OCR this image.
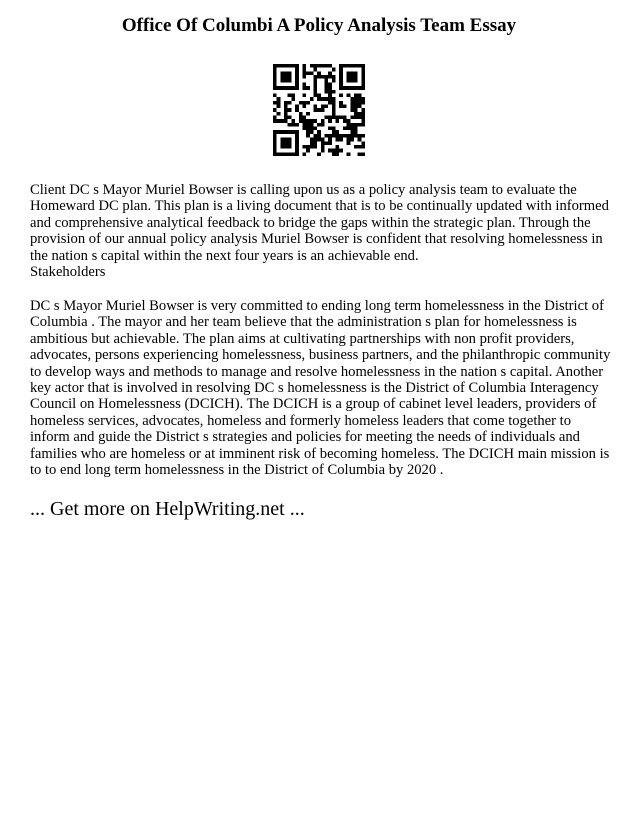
Office Of Columbi A Policy Analysis Team Essay
Client DC s Mayor Muriel Bowser is calling upon us as a policy analysis team to evaluate the Homeward DC plan. This plan is a living document that is to be continually updated with informed and comprehensive analytical feedback to bridge the gaps within the strategic plan. Through the provision of our annual policy analysis Muriel Bowser is confident that resolving homelessness in the nation s capital within the next four years is an achievable end.
Stakeholders
DC s Mayor Muriel Bowser is very committed to ending long term homelessness in the District of Columbia . The mayor and her team believe that the administration s plan for homelessness is ambitious but achievable. The plan aims at cultivating partnerships with non profit providers, advocates, persons experiencing homelessness, business partners, and the philanthropic community to develop ways and methods to manage and resolve homelessness in the nation s capital. Another key actor that is involved in resolving DC s homelessness is the District of Columbia Interagency Council on Homelessness (DCICH). The DCICH is a group of cabinet level leaders, providers of homeless services, advocates, homeless and formerly homeless leaders that come together to inform and guide the District s strategies and policies for meeting the needs of individuals and families who are homeless or at imminent risk of becoming homeless. The DCICH main mission is to to end long term homelessness in the District of Columbia by 2020 .
... Get more on HelpWriting.net ...
